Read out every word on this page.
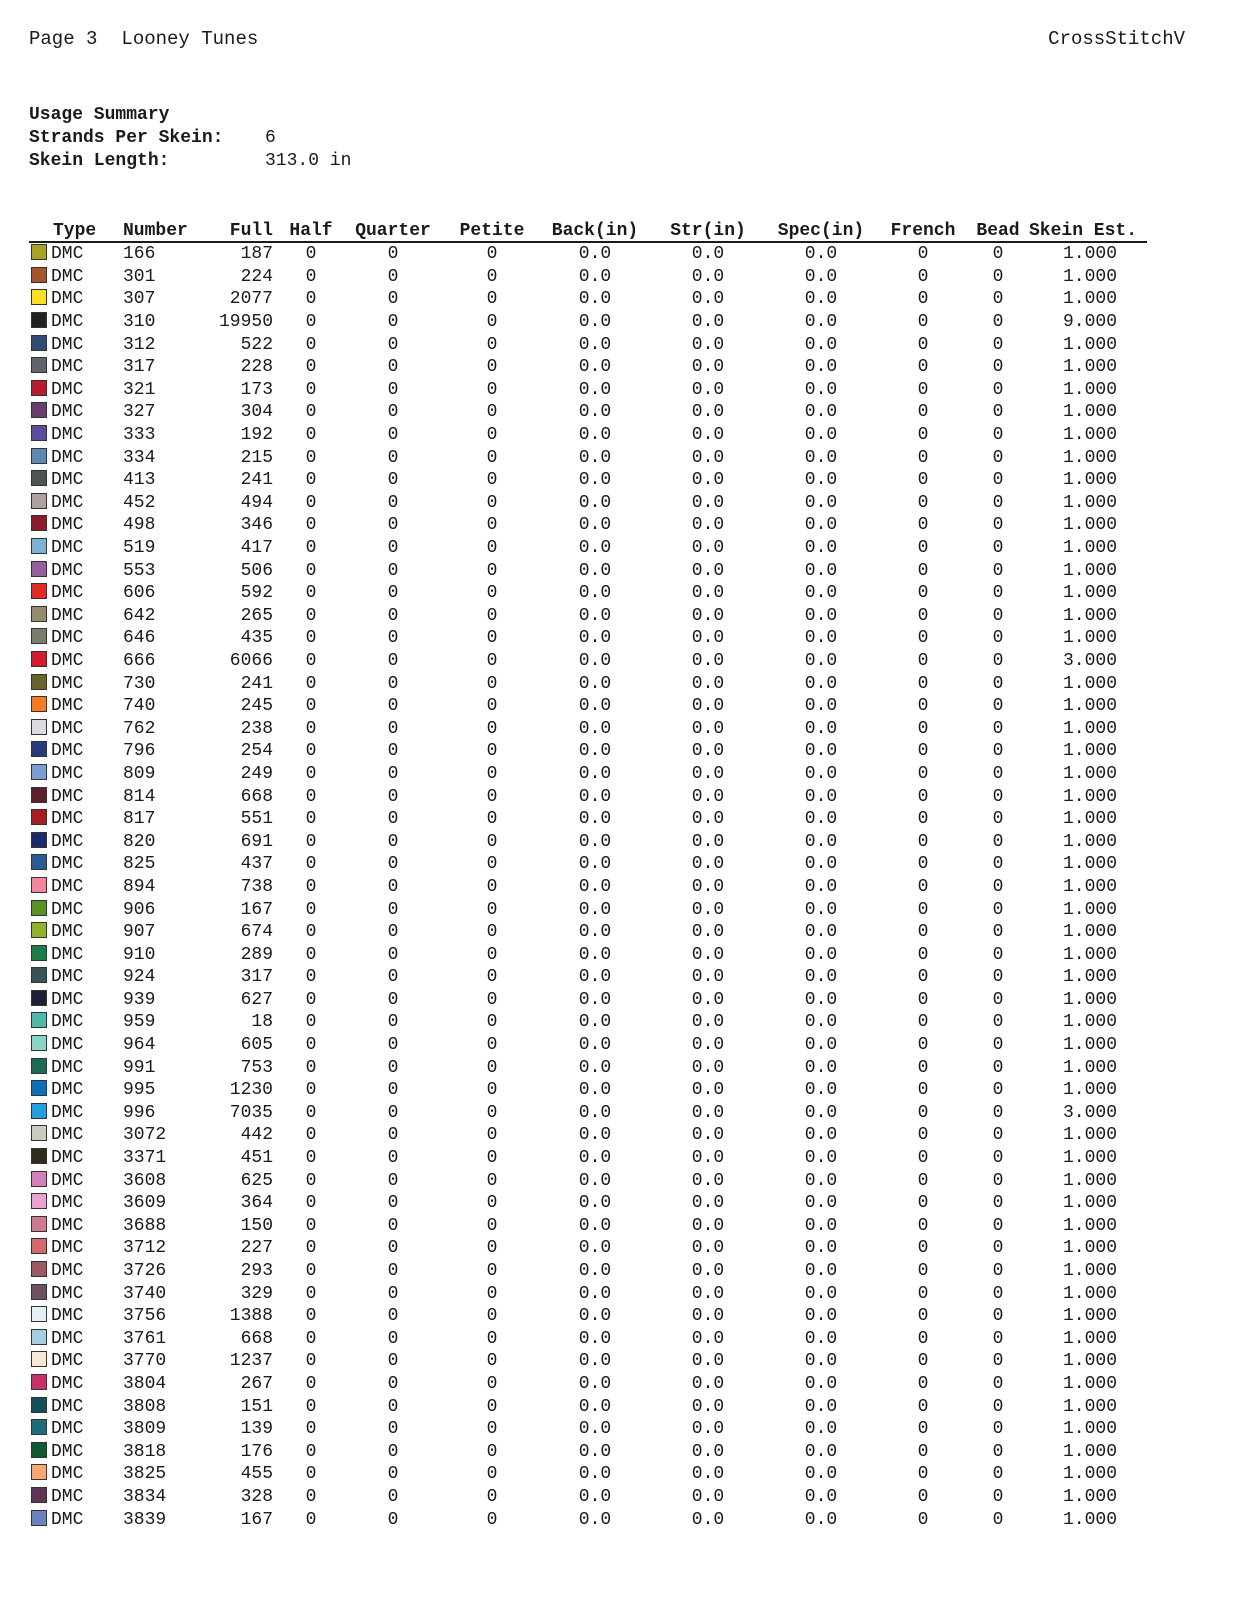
Page 3 Looney Tunes	CrossStitchV
Usage Summary
Strands Per Skein:	6
Skein Length:	313.0 in
Type	Number	Full	Half	Quarter	Petite	Back(in)	Str(in)	Spec(in)	French	Bead	Skein Est.
DMC	166	187	0	0	0	0.0	0.0	0.0	0	0	1.000
DMC	301	224	0	0	0	0.0	0.0	0.0	0	0	1.000
DMC	307	2077	0	0	0	0.0	0.0	0.0	0	0	1.000
DMC	310	19950	0	0	0	0.0	0.0	0.0	0	0	9.000
DMC	312	522	0	0	0	0.0	0.0	0.0	0	0	1.000
DMC	317	228	0	0	0	0.0	0.0	0.0	0	0	1.000
DMC	321	173	0	0	0	0.0	0.0	0.0	0	0	1.000
DMC	327	304	0	0	0	0.0	0.0	0.0	0	0	1.000
DMC	333	192	0	0	0	0.0	0.0	0.0	0	0	1.000
DMC	334	215	0	0	0	0.0	0.0	0.0	0	0	1.000
DMC	413	241	0	0	0	0.0	0.0	0.0	0	0	1.000
DMC	452	494	0	0	0	0.0	0.0	0.0	0	0	1.000
DMC	498	346	0	0	0	0.0	0.0	0.0	0	0	1.000
DMC	519	417	0	0	0	0.0	0.0	0.0	0	0	1.000
DMC	553	506	0	0	0	0.0	0.0	0.0	0	0	1.000
DMC	606	592	0	0	0	0.0	0.0	0.0	0	0	1.000
DMC	642	265	0	0	0	0.0	0.0	0.0	0	0	1.000
DMC	646	435	0	0	0	0.0	0.0	0.0	0	0	1.000
DMC	666	6066	0	0	0	0.0	0.0	0.0	0	0	3.000
DMC	730	241	0	0	0	0.0	0.0	0.0	0	0	1.000
DMC	740	245	0	0	0	0.0	0.0	0.0	0	0	1.000
DMC	762	238	0	0	0	0.0	0.0	0.0	0	0	1.000
DMC	796	254	0	0	0	0.0	0.0	0.0	0	0	1.000
DMC	809	249	0	0	0	0.0	0.0	0.0	0	0	1.000
DMC	814	668	0	0	0	0.0	0.0	0.0	0	0	1.000
DMC	817	551	0	0	0	0.0	0.0	0.0	0	0	1.000
DMC	820	691	0	0	0	0.0	0.0	0.0	0	0	1.000
DMC	825	437	0	0	0	0.0	0.0	0.0	0	0	1.000
DMC	894	738	0	0	0	0.0	0.0	0.0	0	0	1.000
DMC	906	167	0	0	0	0.0	0.0	0.0	0	0	1.000
DMC	907	674	0	0	0	0.0	0.0	0.0	0	0	1.000
DMC	910	289	0	0	0	0.0	0.0	0.0	0	0	1.000
DMC	924	317	0	0	0	0.0	0.0	0.0	0	0	1.000
DMC	939	627	0	0	0	0.0	0.0	0.0	0	0	1.000
DMC	959	18	0	0	0	0.0	0.0	0.0	0	0	1.000
DMC	964	605	0	0	0	0.0	0.0	0.0	0	0	1.000
DMC	991	753	0	0	0	0.0	0.0	0.0	0	0	1.000
DMC	995	1230	0	0	0	0.0	0.0	0.0	0	0	1.000
DMC	996	7035	0	0	0	0.0	0.0	0.0	0	0	3.000
DMC	3072	442	0	0	0	0.0	0.0	0.0	0	0	1.000
DMC	3371	451	0	0	0	0.0	0.0	0.0	0	0	1.000
DMC	3608	625	0	0	0	0.0	0.0	0.0	0	0	1.000
DMC	3609	364	0	0	0	0.0	0.0	0.0	0	0	1.000
DMC	3688	150	0	0	0	0.0	0.0	0.0	0	0	1.000
DMC	3712	227	0	0	0	0.0	0.0	0.0	0	0	1.000
DMC	3726	293	0	0	0	0.0	0.0	0.0	0	0	1.000
DMC	3740	329	0	0	0	0.0	0.0	0.0	0	0	1.000
DMC	3756	1388	0	0	0	0.0	0.0	0.0	0	0	1.000
DMC	3761	668	0	0	0	0.0	0.0	0.0	0	0	1.000
DMC	3770	1237	0	0	0	0.0	0.0	0.0	0	0	1.000
DMC	3804	267	0	0	0	0.0	0.0	0.0	0	0	1.000
DMC	3808	151	0	0	0	0.0	0.0	0.0	0	0	1.000
DMC	3809	139	0	0	0	0.0	0.0	0.0	0	0	1.000
DMC	3818	176	0	0	0	0.0	0.0	0.0	0	0	1.000
DMC	3825	455	0	0	0	0.0	0.0	0.0	0	0	1.000
DMC	3834	328	0	0	0	0.0	0.0	0.0	0	0	1.000
DMC	3839	167	0	0	0	0.0	0.0	0.0	0	0	1.000
